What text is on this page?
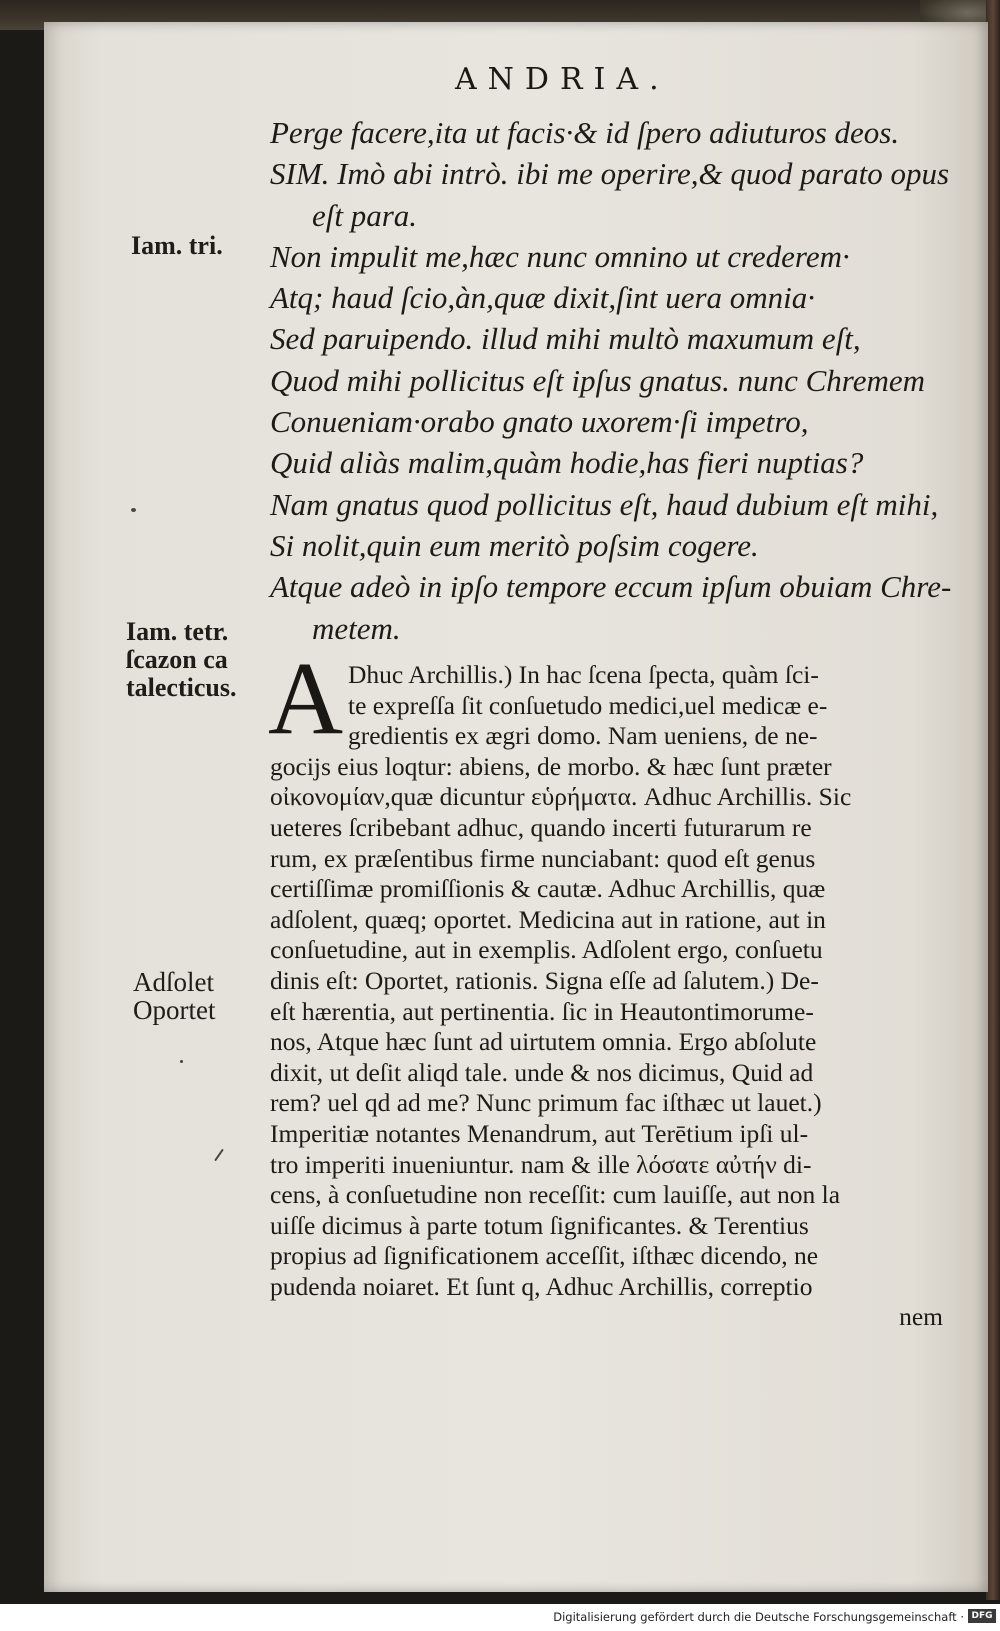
ANDRIA.
Perge facere,ita ut facis·& id ſpero adiuturos deos.
SIM. Imò abi intrò. ibi me operire,& quod parato opus
eſt para.
Non impulit me,hæc nunc omnino ut crederem·
Atq; haud ſcio,àn,quæ dixit,ſint uera omnia·
Sed paruipendo. illud mihi multò maxumum eſt,
Quod mihi pollicitus eſt ipſus gnatus. nunc Chremem
Conueniam·orabo gnato uxorem·ſi impetro,
Quid aliàs malim,quàm hodie,has fieri nuptias?
Nam gnatus quod pollicitus eſt, haud dubium eſt mihi,
Si nolit,quin eum meritò poſsim cogere.
Atque adeò in ipſo tempore eccum ipſum obuiam Chre-
metem.
A Dhuc Archillis.) In hac ſcena ſpecta, quàm ſci-
te expreſſa ſit conſuetudo medici,uel medicæ e-
gredientis ex ægri domo. Nam ueniens, de ne-
gocijs eius loqtur: abiens, de morbo. & hæc ſunt præter
οἰκονομίαν,quæ dicuntur εὑρήματα. Adhuc Archillis. Sic
ueteres ſcribebant adhuc, quando incerti futurarum re
rum, ex præſentibus firme nunciabant: quod eſt genus
certiſſimæ promiſſionis & cautæ. Adhuc Archillis, quæ
adſolent, quæq; oportet. Medicina aut in ratione, aut in
conſuetudine, aut in exemplis. Adſolent ergo, conſuetu
dinis eſt: Oportet, rationis. Signa eſſe ad ſalutem.) De-
eſt hærentia, aut pertinentia. ſic in Heautontimorume-
nos, Atque hæc ſunt ad uirtutem omnia. Ergo abſolute
dixit, ut deſit aliqd tale. unde & nos dicimus, Quid ad
rem? uel qd ad me? Nunc primum fac iſthæc ut lauet.)
Imperitiæ notantes Menandrum, aut Terētium ipſi ul-
tro imperiti inueniuntur. nam & ille λόσατε αὐτήν di-
cens, à conſuetudine non receſſit: cum lauiſſe, aut non la
uiſſe dicimus à parte totum ſignificantes. & Terentius
propius ad ſignificationem acceſſit, iſthæc dicendo, ne
pudenda noiaret. Et ſunt q, Adhuc Archillis, correptio
nem
Iam. tri.
Iam. tetr.
ſcazon ca
talecticus.
Adſolet
Oportet
Digitalisierung gefördert durch die Deutsche Forschungsgemeinschaft · DFG
